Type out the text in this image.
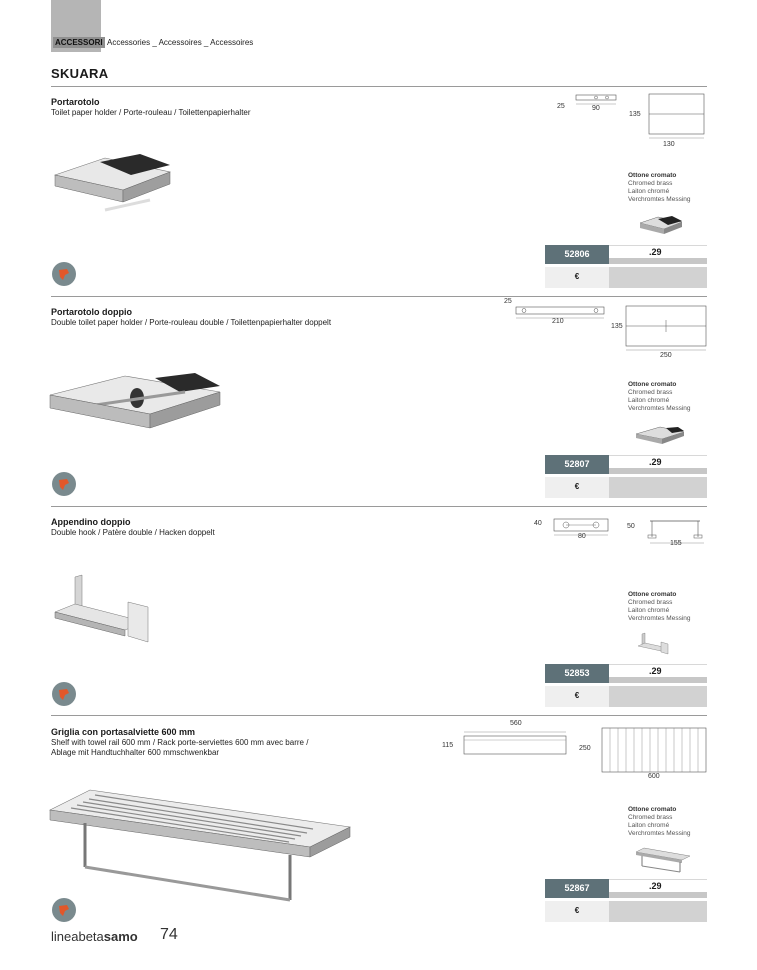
ACCESSORI Accessories _ Accessoires _ Accessoires
SKUARA
Portarotolo
Toilet paper holder / Porte-rouleau / Toilettenpapierhalter
25	90
135
130
Ottone cromato
Chromed brass
Laiton chromé
Verchromtes Messing
52806	.29
€
Portarotolo doppio
Double toilet paper holder / Porte-rouleau double / Toilettenpapierhalter doppelt
25
210
135
250
Ottone cromato
Chromed brass
Laiton chromé
Verchromtes Messing
52807	.29
€
Appendino doppio
Double hook / Patère double / Hacken doppelt
40
80
50
155
Ottone cromato
Chromed brass
Laiton chromé
Verchromtes Messing
52853	.29
€
Griglia con portasalviette 600 mm
Shelf with towel rail 600 mm / Rack porte-serviettes 600 mm avec barre /
Ablage mit Handtuchhalter 600 mmschwenkbar
560
115	250
600
Ottone cromato
Chromed brass
Laiton chromé
Verchromtes Messing
52867	.29
€
lineabetasamo 74
